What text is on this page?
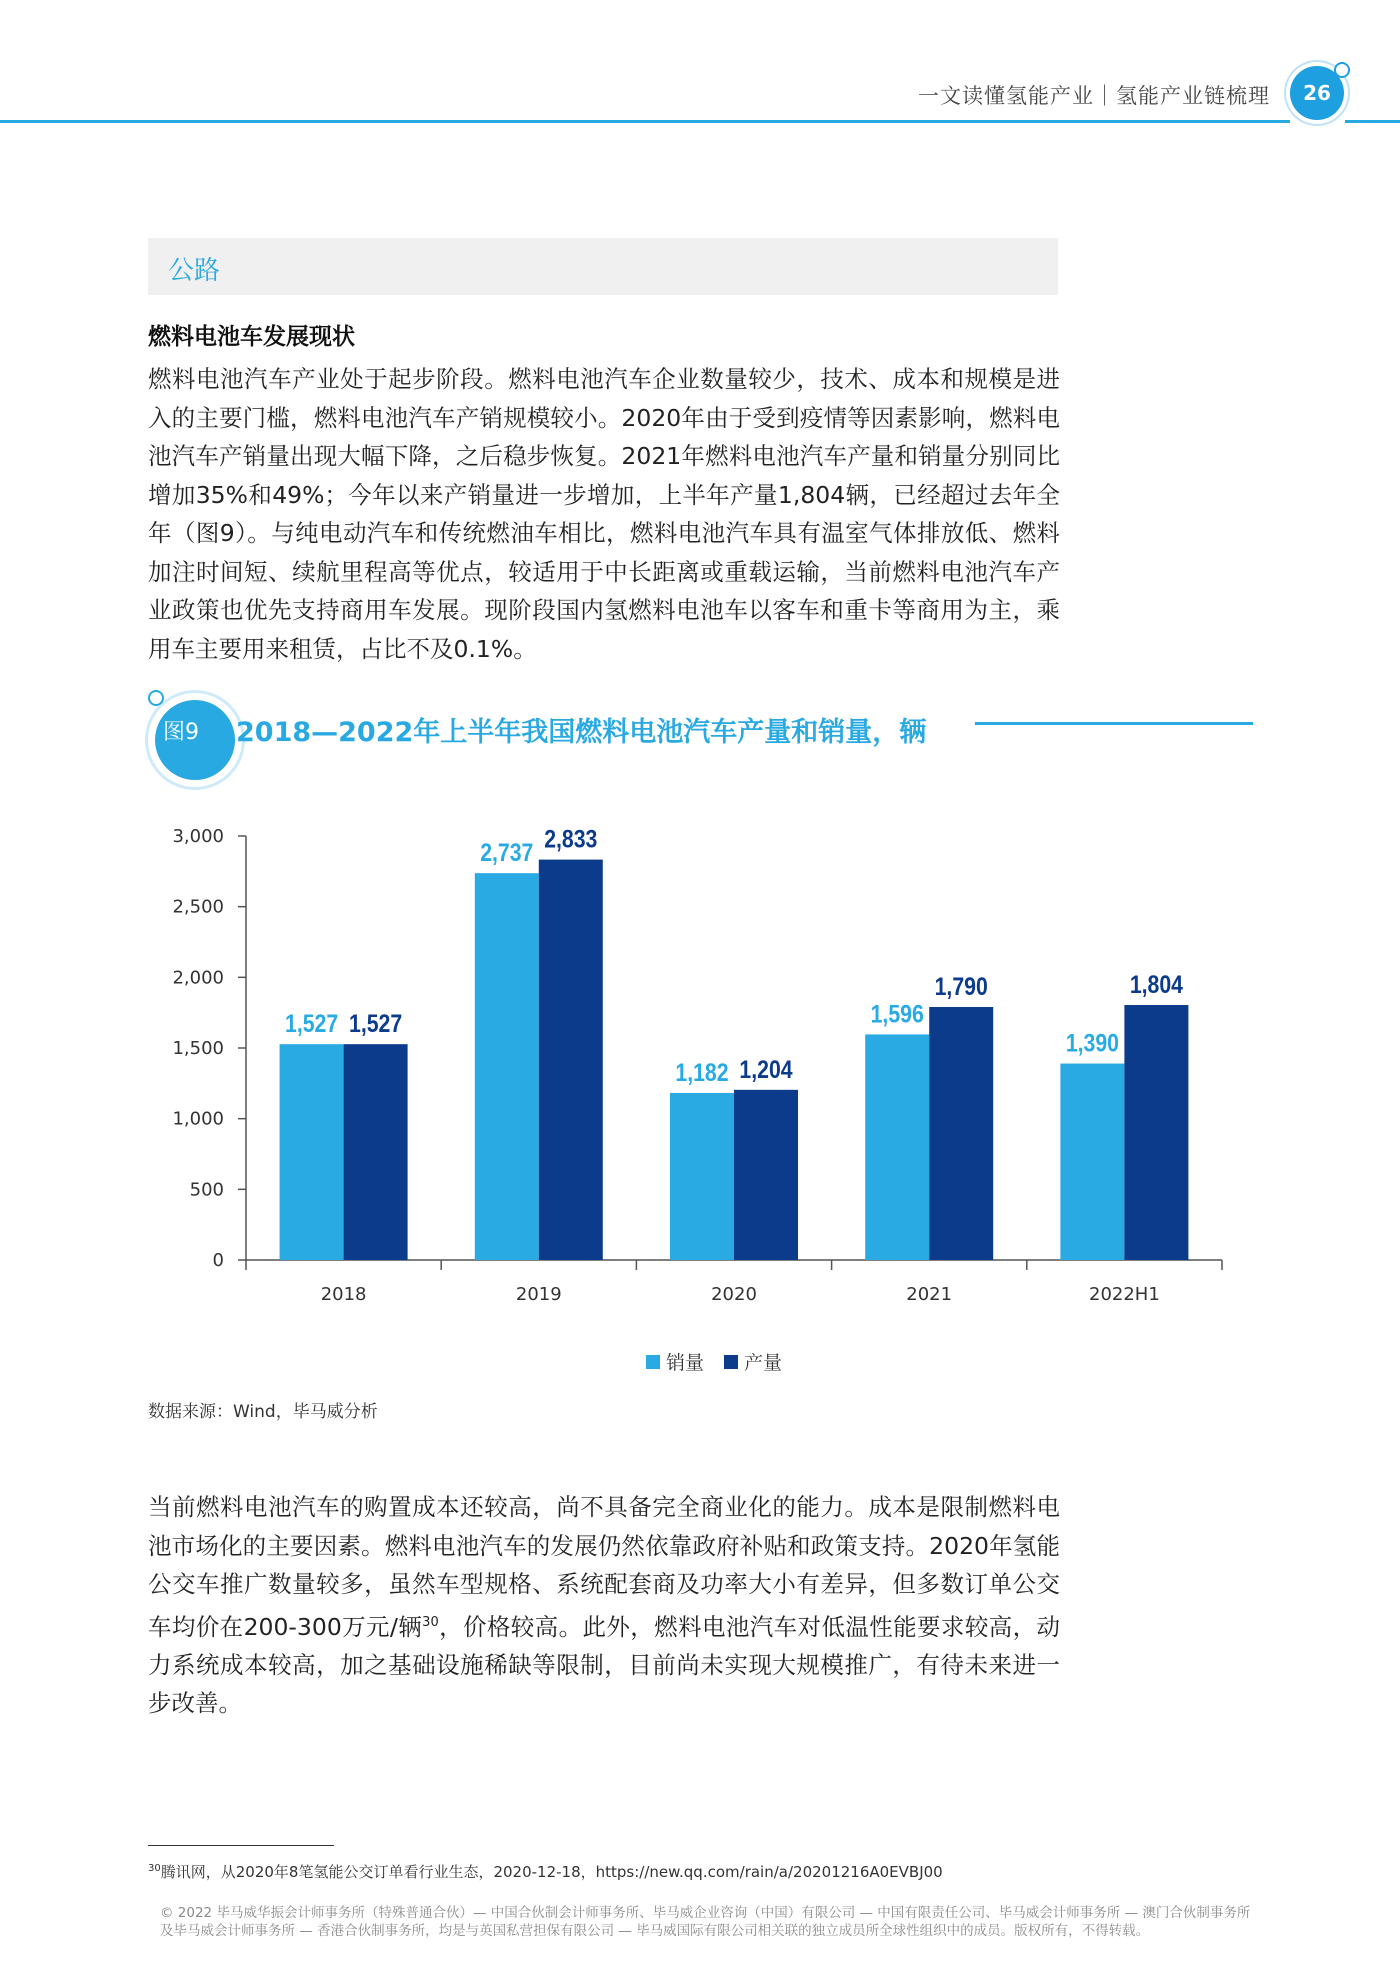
一文读懂氢能产业｜氢能产业链梳理	26
公路
燃料电池车发展现状

燃料电池汽车产业处于起步阶段。燃料电池汽车企业数量较少，技术、成本和规模是进入的主要门槛，燃料电池汽车产销规模较小。2020年由于受到疫情等因素影响，燃料电池汽车产销量出现大幅下降，之后稳步恢复。2021年燃料电池汽车产量和销量分别同比增加35%和49%；今年以来产销量进一步增加，上半年产量1,804辆，已经超过去年全年（图9）。与纯电动汽车和传统燃油车相比，燃料电池汽车具有温室气体排放低、燃料加注时间短、续航里程高等优点，较适用于中长距离或重载运输，当前燃料电池汽车产业政策也优先支持商用车发展。现阶段国内氢燃料电池车以客车和重卡等商用为主，乘用车主要用来租赁，占比不及0.1%。

图9 2018—2022年上半年我国燃料电池汽车产量和销量，辆
0
500
1,000
1,500
2,000
2,500
3,000
1,527 1,527
2018
2,737 2,833
2019
1,182 1,204
2020
1,596
1,790
2021
1,390
1,804
2022H1
销量 产量
数据来源：Wind，毕马威分析

当前燃料电池汽车的购置成本还较高，尚不具备完全商业化的能力。成本是限制燃料电池市场化的主要因素。燃料电池汽车的发展仍然依靠政府补贴和政策支持。2020年氢能公交车推广数量较多，虽然车型规格、系统配套商及功率大小有差异，但多数订单公交车均价在200-300万元/辆$^{30}$，价格较高。此外，燃料电池汽车对低温性能要求较高，动力系统成本较高，加之基础设施稀缺等限制，目前尚未实现大规模推广，有待未来进一步改善。

$^{30}$腾讯网，从2020年8笔氢能公交订单看行业生态，2020-12-18，https://new.qq.com/rain/a/20201216A0EVBJ00

© 2022 毕马威华振会计师事务所（特殊普通合伙）— 中国合伙制会计师事务所、毕马威企业咨询（中国）有限公司 — 中国有限责任公司、毕马威会计师事务所 — 澳门合伙制事务所

及毕马威会计师事务所 — 香港合伙制事务所，均是与英国私营担保有限公司 — 毕马威国际有限公司相关联的独立成员所全球性组织中的成员。版权所有，不得转载。
